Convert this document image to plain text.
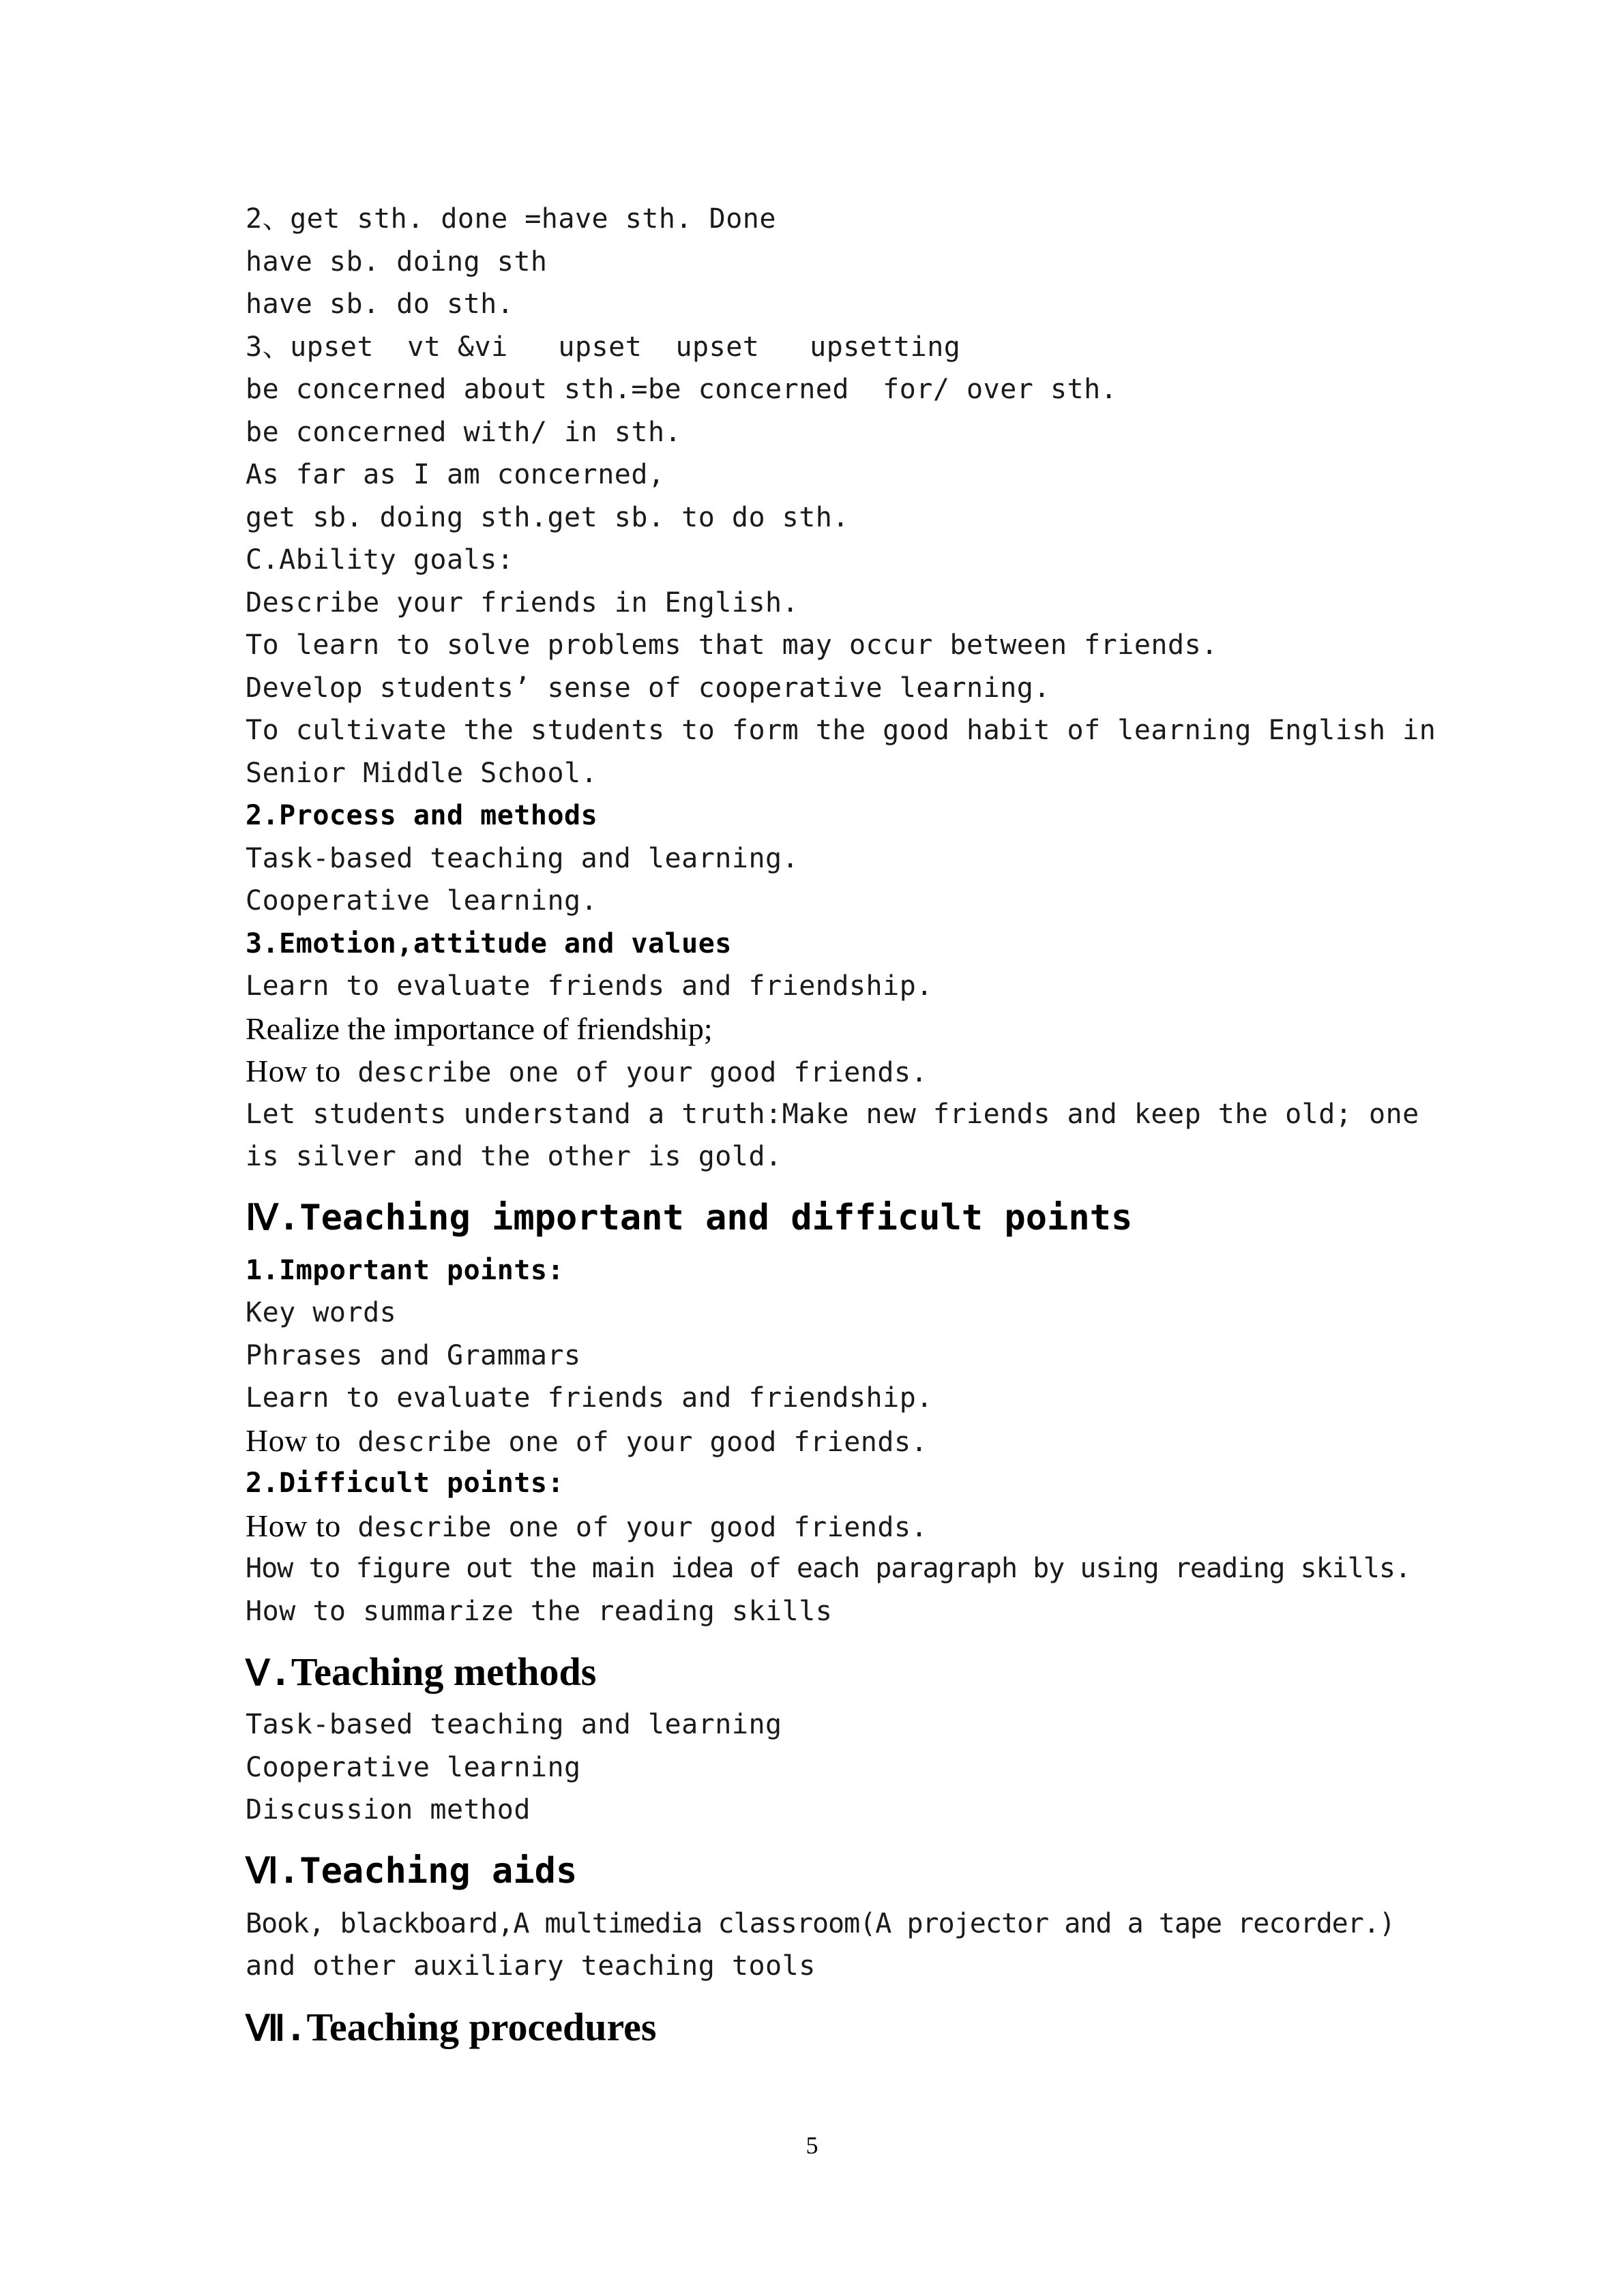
2、get sth. done =have sth. Done
have sb. doing sth
have sb. do sth.
3、upset  vt &vi   upset  upset   upsetting
be concerned about sth.=be concerned  for/ over sth.
be concerned with/ in sth.
As far as I am concerned,
get sb. doing sth.get sb. to do sth.
C.Ability goals:
Describe your friends in English.
To learn to solve problems that may occur between friends.
Develop students’ sense of cooperative learning.
To cultivate the students to form the good habit of learning English in
Senior Middle School.
2.Process and methods
Task-based teaching and learning.
Cooperative learning.
3.Emotion,attitude and values
Learn to evaluate friends and friendship.
Realize the importance of friendship;
How to describe one of your good friends.
Let students understand a truth:Make new friends and keep the old; one
is silver and the other is gold.
Ⅳ.Teaching important and difficult points
1.Important points:
Key words
Phrases and Grammars
Learn to evaluate friends and friendship.
How to describe one of your good friends.
2.Difficult points:
How to describe one of your good friends.
How to figure out the main idea of each paragraph by using reading skills.
How to summarize the reading skills
Ⅴ.Teaching methods
Task-based teaching and learning
Cooperative learning
Discussion method
Ⅵ.Teaching aids
Book, blackboard,A multimedia classroom(A projector and a tape recorder.)
and other auxiliary teaching tools
Ⅶ.Teaching procedures
5
